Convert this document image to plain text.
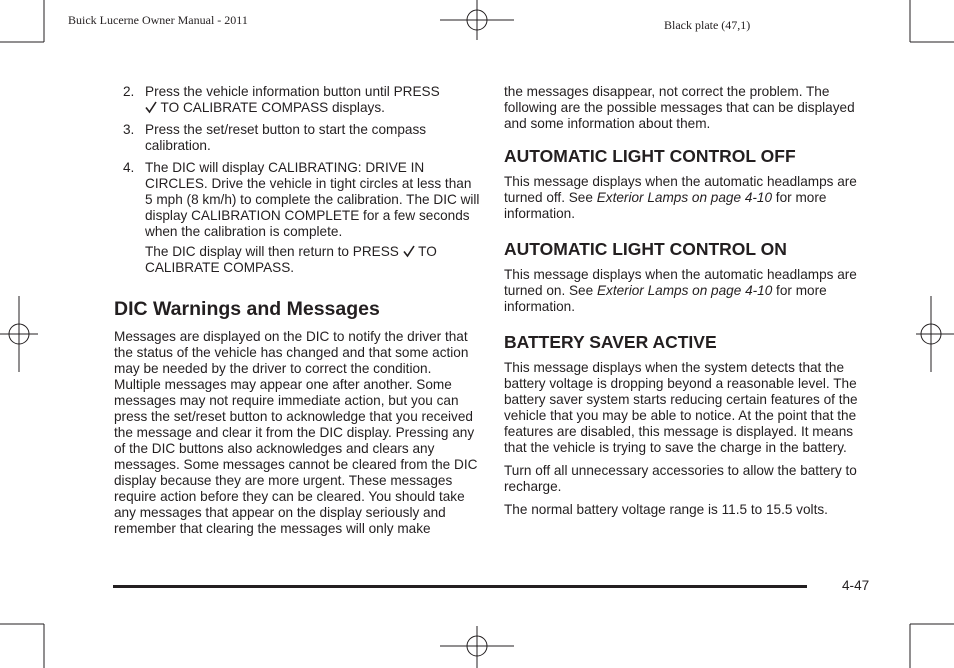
Buick Lucerne Owner Manual - 2011	Black plate (47,1)
2. Press the vehicle information button until PRESS
TO CALIBRATE COMPASS displays.

3. Press the set/reset button to start the compass calibration.

4. The DIC will display CALIBRATING: DRIVE IN CIRCLES. Drive the vehicle in tight circles at less than 5 mph (8 km/h) to complete the calibration. The DIC will display CALIBRATION COMPLETE for a few seconds when the calibration is complete.

The DIC display will then return to PRESS  TO CALIBRATE COMPASS.

DIC Warnings and Messages

Messages are displayed on the DIC to notify the driver that the status of the vehicle has changed and that some action may be needed by the driver to correct the condition. Multiple messages may appear one after another. Some messages may not require immediate action, but you can press the set/reset button to acknowledge that you received the message and clear it from the DIC display. Pressing any of the DIC buttons also acknowledges and clears any messages. Some messages cannot be cleared from the DIC display because they are more urgent. These messages require action before they can be cleared. You should take any messages that appear on the display seriously and remember that clearing the messages will only make

the messages disappear, not correct the problem. The following are the possible messages that can be displayed and some information about them.

AUTOMATIC LIGHT CONTROL OFF

This message displays when the automatic headlamps are turned off. See Exterior Lamps on page 4-10 for more information.

AUTOMATIC LIGHT CONTROL ON

This message displays when the automatic headlamps are turned on. See Exterior Lamps on page 4-10 for more information.

BATTERY SAVER ACTIVE

This message displays when the system detects that the battery voltage is dropping beyond a reasonable level. The battery saver system starts reducing certain features of the vehicle that you may be able to notice. At the point that the features are disabled, this message is displayed. It means that the vehicle is trying to save the charge in the battery.

Turn off all unnecessary accessories to allow the battery to recharge.

The normal battery voltage range is 11.5 to 15.5 volts.

4-47
